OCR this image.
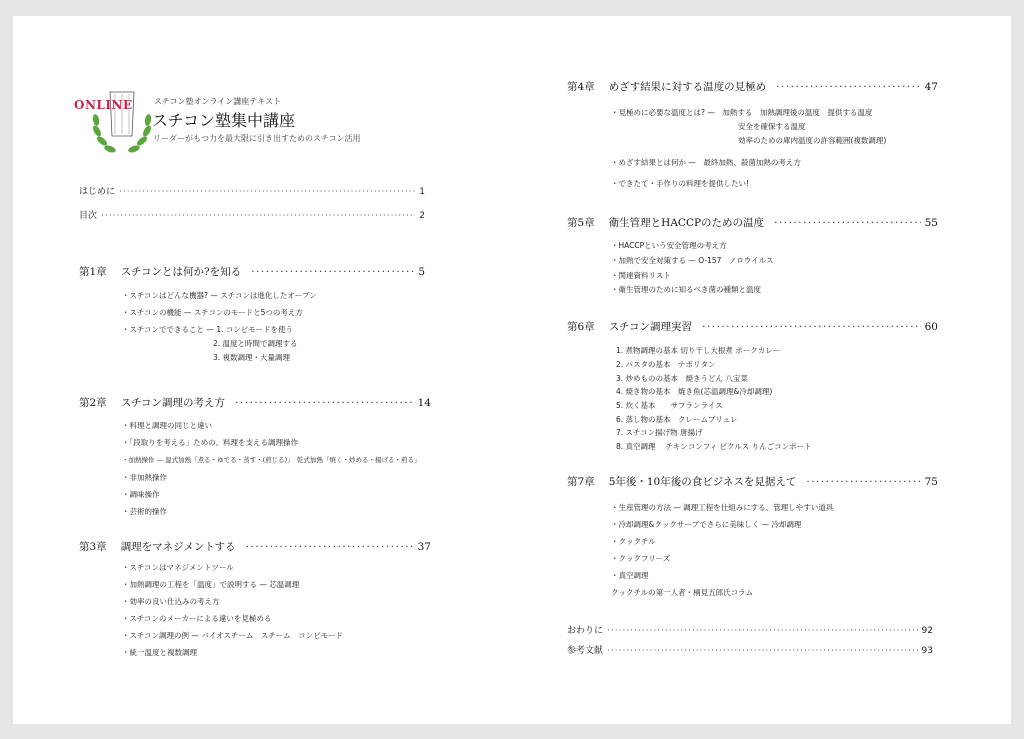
ONLINE	スチコン塾オンライン講座テキスト
スチコン塾集中講座
リーダーがもつ力を最大限に引き出すためのスチコン活用
はじめに ·····	1
目次 ·····	2
第1章 スチコンとは何か?を知る ·····	5
・スチコンはどんな機器? — スチコンは進化したオーブン
・スチコンの機能 — スチコンのモードと5つの考え方
・スチコンでできること — 1. コンビモードを使う
2. 温度と時間で調理する
3. 複数調理・大量調理
第2章 スチコン調理の考え方 ·····	14
・料理と調理の同じと違い
・「段取りを考える」ための、料理を支える調理操作
・加熱操作 — 湿式加熱「煮る・ゆでる・蒸す・(煎じる)」　乾式加熱「焼く・炒める・揚げる・煎る」
・非加熱操作
・調味操作
・芸術的操作
第3章 調理をマネジメントする ·····	37
・スチコンはマネジメントツール
・加熱調理の工程を「温度」で説明する — 芯温調理
・効率の良い仕込みの考え方
・スチコンのメーカーによる違いを見極める
・スチコン調理の例 — バイオスチーム　スチーム　コンビモード
・統一温度と複数調理
第4章 めざす結果に対する温度の見極め ·····	47
・見極めに必要な温度とは? —　加熱する　加熱調理後の温度　提供する温度
安全を確保する温度
効率のための庫内温度の許容範囲(複数調理)
・めざす結果とは何か —　最終加熱、殺菌加熱の考え方
・できたて・手作りの料理を提供したい!
第5章 衛生管理とHACCPのための温度 ·····	55
・HACCPという安全管理の考え方
・加熱で安全対策する — O-157　ノロウイルス
・関連資料リスト
・衛生管理のために知るべき菌の種類と温度
第6章 スチコン調理実習 ·····	60
1. 煮物調理の基本 切り干し大根煮 ポークカレー
2. パスタの基本　ナポリタン
3. 炒めものの基本　焼きうどん 八宝菜
4. 焼き物の基本　焼き魚(芯温調理&冷却調理)
5. 炊く基本　　サフランライス
6. 蒸し物の基本　クレームブリュレ
7. スチコン揚げ物 唐揚げ
8. 真空調理　 チキンコンフィ ピクルス りんごコンポート
第7章 5年後・10年後の食ビジネスを見据えて ·····	75
・生産管理の方法 — 調理工程を仕組みにする、管理しやすい道具
・冷却調理&クックサーブでさらに美味しく — 冷却調理
・クックチル
・クックフリーズ
・真空調理
クックチルの第一人者・楠見五郎氏コラム
おわりに ·····	92
参考文献 ·····	93
